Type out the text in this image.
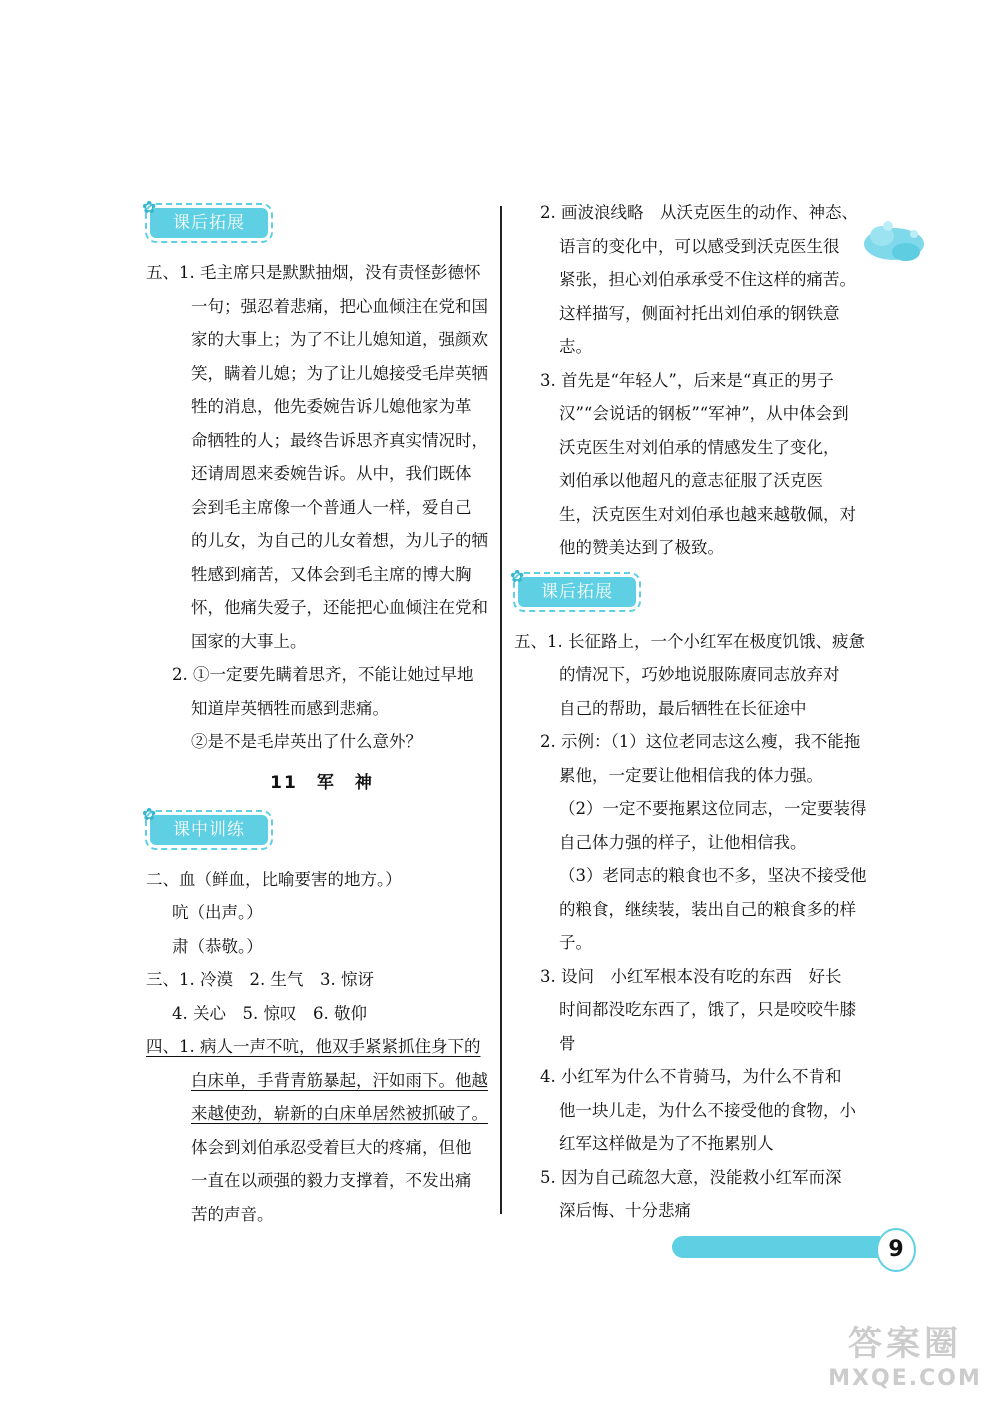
课后拓展
✿
五、1. 毛主席只是默默抽烟，没有责怪彭德怀
一句；强忍着悲痛，把心血倾注在党和国
家的大事上；为了不让儿媳知道，强颜欢
笑，瞒着儿媳；为了让儿媳接受毛岸英牺
牲的消息，他先委婉告诉儿媳他家为革
命牺牲的人；最终告诉思齐真实情况时，
还请周恩来委婉告诉。从中，我们既体
会到毛主席像一个普通人一样，爱自己
的儿女，为自己的儿女着想，为儿子的牺
牲感到痛苦，又体会到毛主席的博大胸
怀，他痛失爱子，还能把心血倾注在党和
国家的大事上。
2. ①一定要先瞒着思齐，不能让她过早地
知道岸英牺牲而感到悲痛。
②是不是毛岸英出了什么意外？
11　军　神
课中训练
✿
二、血（鲜血，比喻要害的地方。）
吭（出声。）
肃（恭敬。）
三、1. 冷漠　2. 生气　3. 惊讶
4. 关心　5. 惊叹　6. 敬仰
四、1. 病人一声不吭，他双手紧紧抓住身下的
白床单，手背青筋暴起，汗如雨下。他越
来越使劲，崭新的白床单居然被抓破了。
体会到刘伯承忍受着巨大的疼痛，但他
一直在以顽强的毅力支撑着，不发出痛
苦的声音。
2. 画波浪线略　从沃克医生的动作、神态、
语言的变化中，可以感受到沃克医生很
紧张，担心刘伯承承受不住这样的痛苦。
这样描写，侧面衬托出刘伯承的钢铁意
志。
3. 首先是“年轻人”，后来是“真正的男子
汉”“会说话的钢板”“军神”，从中体会到
沃克医生对刘伯承的情感发生了变化，
刘伯承以他超凡的意志征服了沃克医
生，沃克医生对刘伯承也越来越敬佩，对
他的赞美达到了极致。
课后拓展
✿
五、1. 长征路上，一个小红军在极度饥饿、疲惫
的情况下，巧妙地说服陈赓同志放弃对
自己的帮助，最后牺牲在长征途中
2. 示例：（1）这位老同志这么瘦，我不能拖
累他，一定要让他相信我的体力强。
（2）一定不要拖累这位同志，一定要装得
自己体力强的样子，让他相信我。
（3）老同志的粮食也不多，坚决不接受他
的粮食，继续装，装出自己的粮食多的样
子。
3. 设问　小红军根本没有吃的东西　好长
时间都没吃东西了，饿了，只是咬咬牛膝
骨
4. 小红军为什么不肯骑马，为什么不肯和
他一块儿走，为什么不接受他的食物，小
红军这样做是为了不拖累别人
5. 因为自己疏忽大意，没能救小红军而深
深后悔、十分悲痛
9
答案圈
MXQE.COM
